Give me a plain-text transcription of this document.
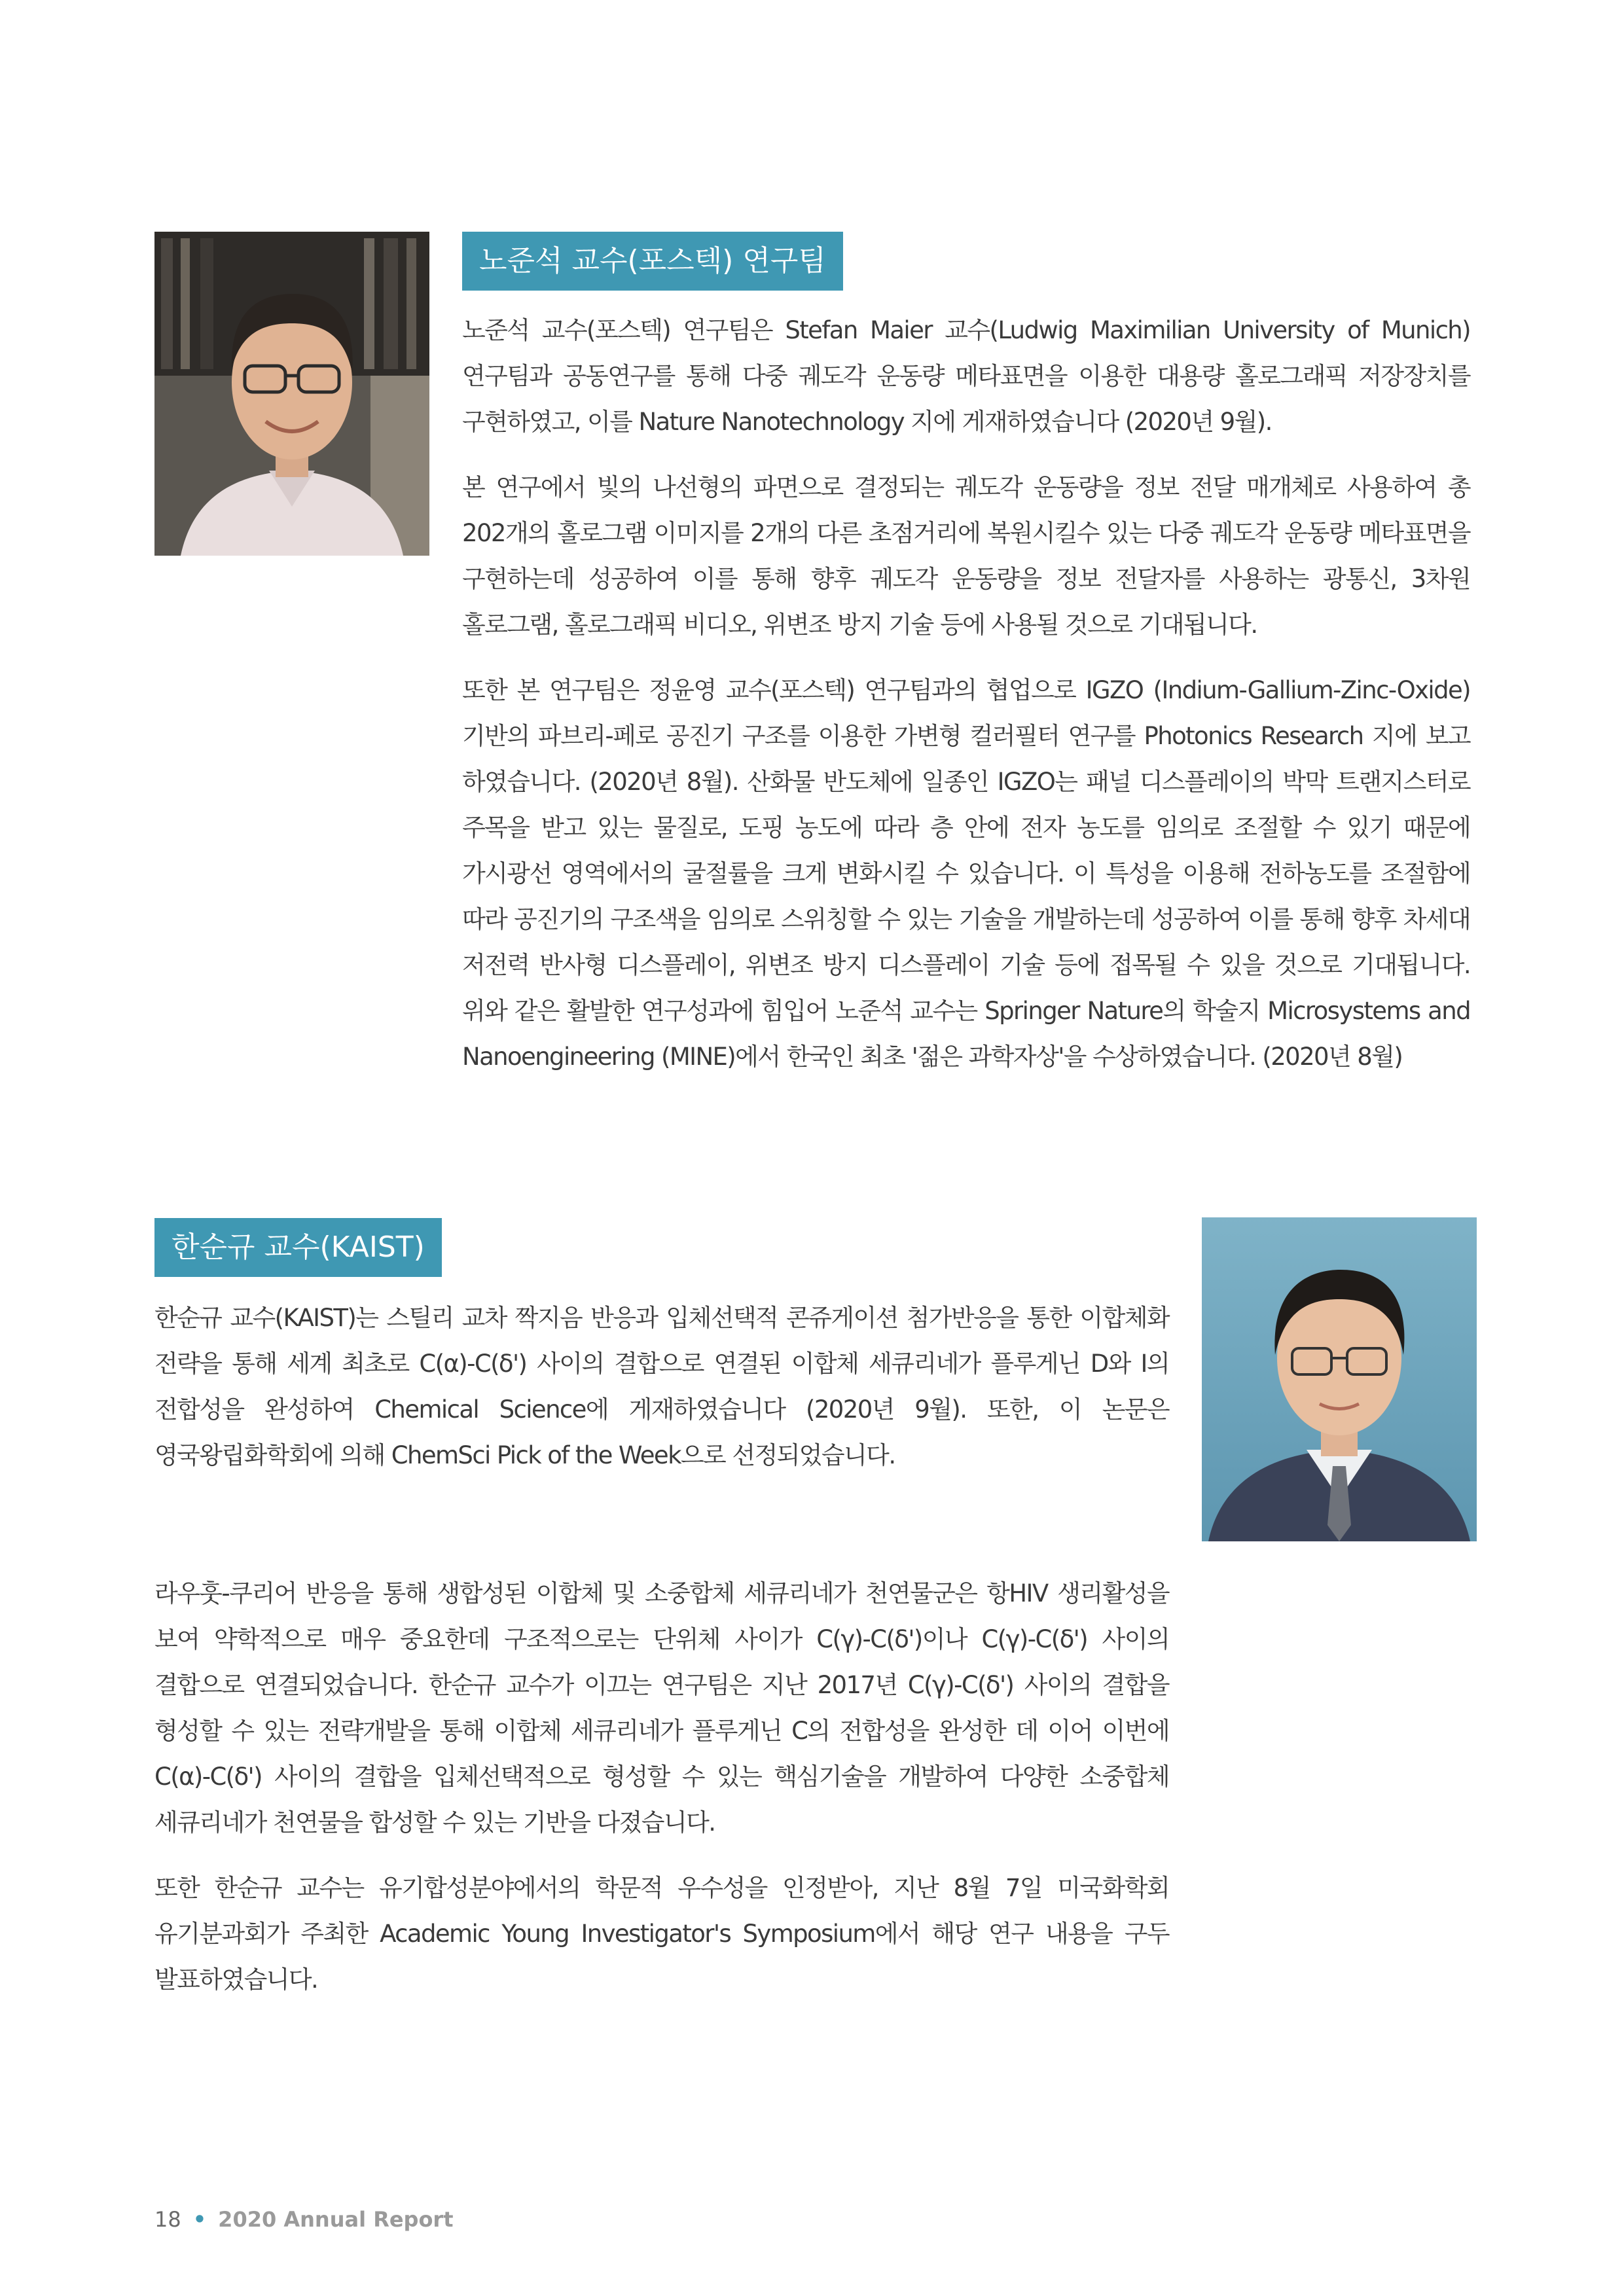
노준석 교수(포스텍) 연구팀

노준석 교수(포스텍) 연구팀은 Stefan Maier 교수(Ludwig Maximilian University of Munich) 연구팀과 공동연구를 통해 다중 궤도각 운동량 메타표면을 이용한 대용량 홀로그래픽 저장장치를 구현하였고, 이를 Nature Nanotechnology 지에 게재하였습니다 (2020년 9월).

본 연구에서 빛의 나선형의 파면으로 결정되는 궤도각 운동량을 정보 전달 매개체로 사용하여 총 202개의 홀로그램 이미지를 2개의 다른 초점거리에 복원시킬수 있는 다중 궤도각 운동량 메타표면을 구현하는데 성공하여 이를 통해 향후 궤도각 운동량을 정보 전달자를 사용하는 광통신, 3차원 홀로그램, 홀로그래픽 비디오, 위변조 방지 기술 등에 사용될 것으로 기대됩니다.

또한 본 연구팀은 정윤영 교수(포스텍) 연구팀과의 협업으로 IGZO (Indium-Gallium-Zinc-Oxide) 기반의 파브리-페로 공진기 구조를 이용한 가변형 컬러필터 연구를 Photonics Research 지에 보고 하였습니다. (2020년 8월). 산화물 반도체에 일종인 IGZO는 패널 디스플레이의 박막 트랜지스터로 주목을 받고 있는 물질로, 도핑 농도에 따라 층 안에 전자 농도를 임의로 조절할 수 있기 때문에 가시광선 영역에서의 굴절률을 크게 변화시킬 수 있습니다. 이 특성을 이용해 전하농도를 조절함에 따라 공진기의 구조색을 임의로 스위칭할 수 있는 기술을 개발하는데 성공하여 이를 통해 향후 차세대 저전력 반사형 디스플레이, 위변조 방지 디스플레이 기술 등에 접목될 수 있을 것으로 기대됩니다. 위와 같은 활발한 연구성과에 힘입어 노준석 교수는 Springer Nature의 학술지 Microsystems and Nanoengineering (MINE)에서 한국인 최초 '젊은 과학자상'을 수상하였습니다. (2020년 8월)

한순규 교수(KAIST)

한순규 교수(KAIST)는 스틸리 교차 짝지음 반응과 입체선택적 콘쥬게이션 첨가반응을 통한 이합체화 전략을 통해 세계 최초로 C(α)-C(δ') 사이의 결합으로 연결된 이합체 세큐리네가 플루게닌 D와 I의 전합성을 완성하여 Chemical Science에 게재하였습니다 (2020년 9월). 또한, 이 논문은 영국왕립화학회에 의해 ChemSci Pick of the Week으로 선정되었습니다.

라우훗-쿠리어 반응을 통해 생합성된 이합체 및 소중합체 세큐리네가 천연물군은 항HIV 생리활성을 보여 약학적으로 매우 중요한데 구조적으로는 단위체 사이가 C(γ)-C(δ')이나 C(γ)-C(δ') 사이의 결합으로 연결되었습니다. 한순규 교수가 이끄는 연구팀은 지난 2017년 C(γ)-C(δ') 사이의 결합을 형성할 수 있는 전략개발을 통해 이합체 세큐리네가 플루게닌 C의 전합성을 완성한 데 이어 이번에 C(α)-C(δ') 사이의 결합을 입체선택적으로 형성할 수 있는 핵심기술을 개발하여 다양한 소중합체 세큐리네가 천연물을 합성할 수 있는 기반을 다졌습니다.

또한 한순규 교수는 유기합성분야에서의 학문적 우수성을 인정받아, 지난 8월 7일 미국화학회 유기분과회가 주최한 Academic Young Investigator's Symposium에서 해당 연구 내용을 구두 발표하였습니다.

18 • 2020 Annual Report
